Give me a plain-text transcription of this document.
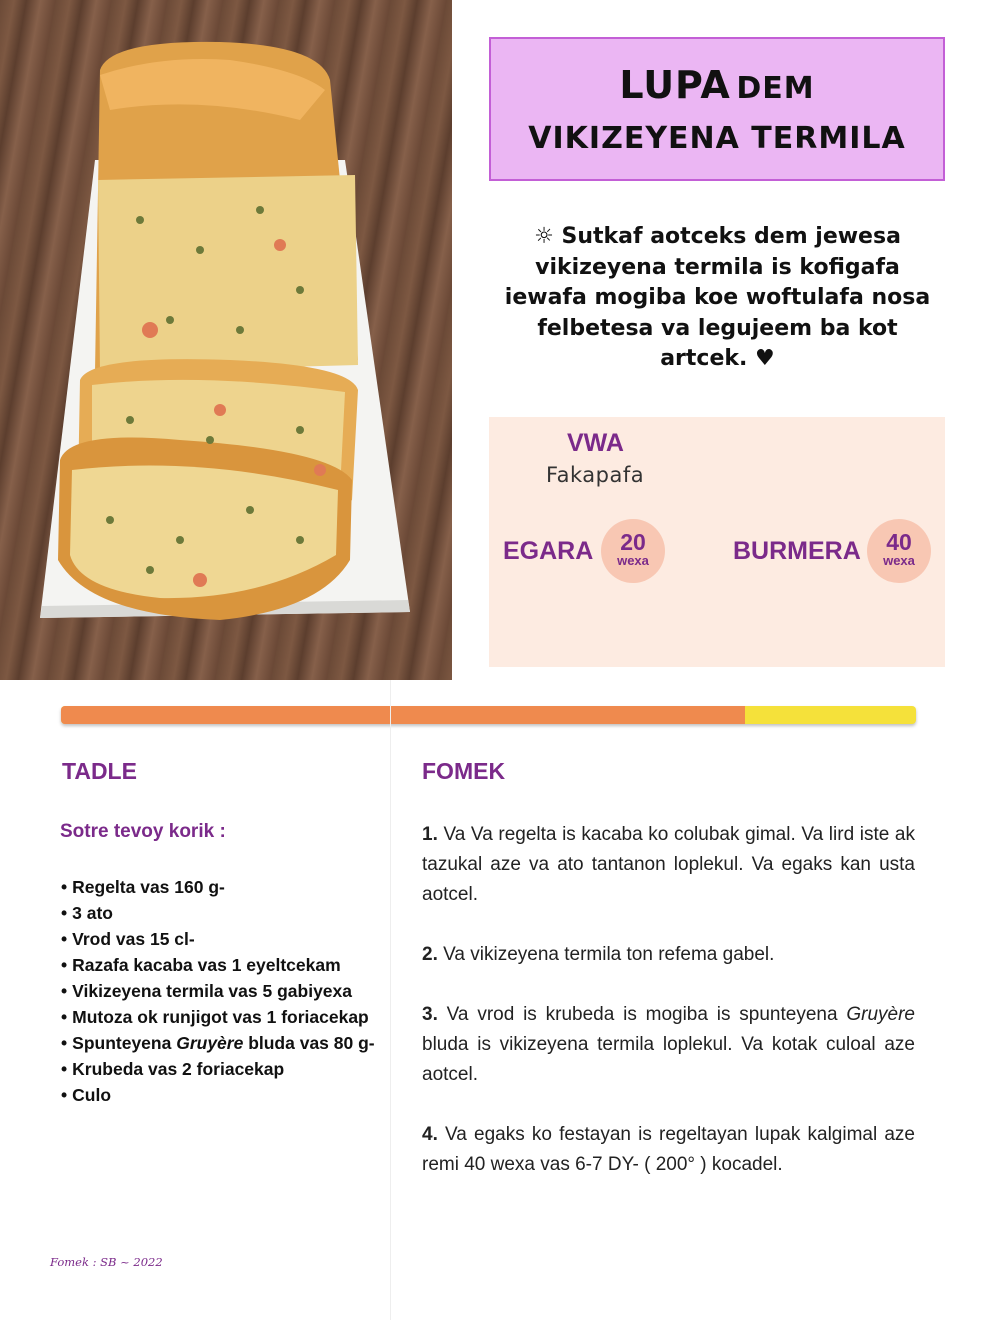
LUPA DEM
VIKIZEYENA TERMILA
☼ Sutkaf aotceks dem jewesa vikizeyena termila is kofigafa iewafa mogiba koe woftulafa nosa felbetesa va legujeem ba kot artcek. ♥
VWA
Fakapafa
EGARA	20
wexa	BURMERA	40
wexa
TADLE
Sotre tevoy korik :
• Regelta vas 160 g-
• 3 ato
• Vrod vas 15 cl-
• Razafa kacaba vas 1 eyeltcekam
• Vikizeyena termila vas 5 gabiyexa
• Mutoza ok runjigot vas 1 foriacekap
• Spunteyena Gruyère bluda vas 80 g-
• Krubeda vas 2 foriacekap
• Culo
FOMEK

1. Va Va regelta is kacaba ko colubak gimal. Va lird iste ak tazukal aze va ato tantanon loplekul. Va egaks kan usta aotcel.

2. Va vikizeyena termila ton refema gabel.

3. Va vrod is krubeda is mogiba is spunteyena Gruyère bluda is vikizeyena termila loplekul. Va kotak culoal aze aotcel.

4. Va egaks ko festayan is regeltayan lupak kalgimal aze remi 40 wexa vas 6-7 DY- ( 200° ) kocadel.

Fomek : SB ~ 2022
